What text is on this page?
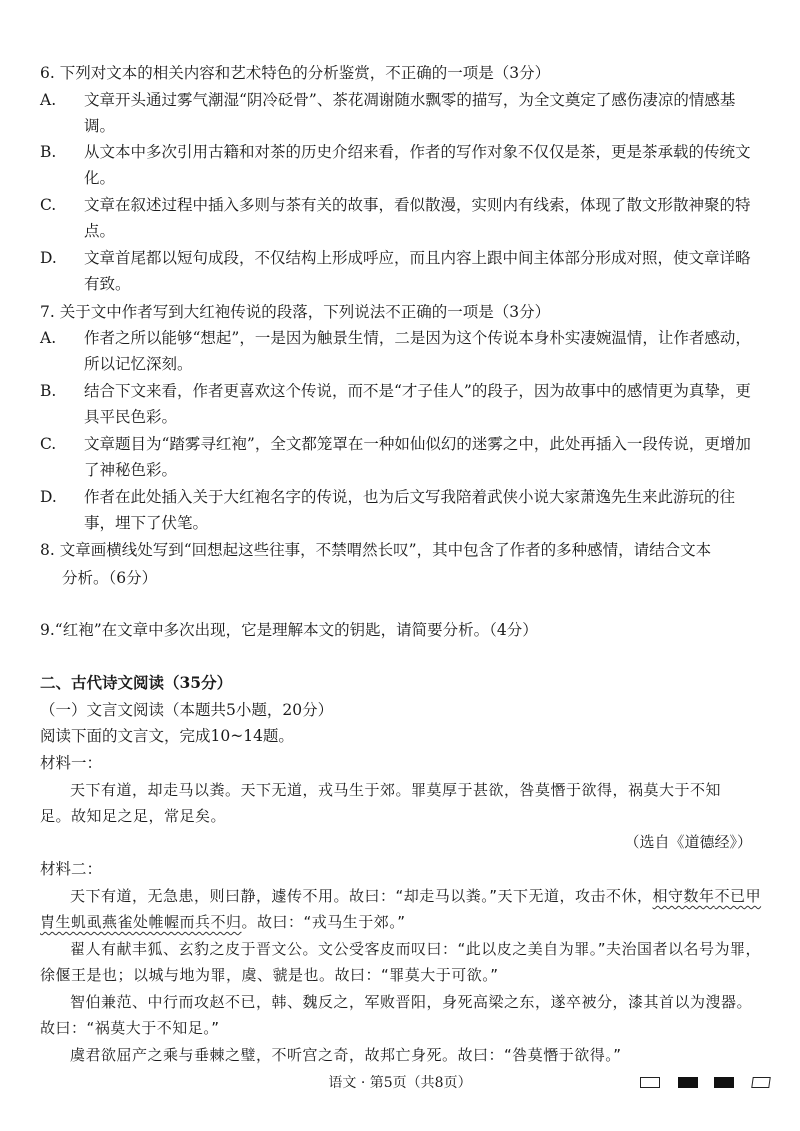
6. 下列对文本的相关内容和艺术特色的分析鉴赏，不正确的一项是（3分）

A. 文章开头通过雾气潮湿“阴冷砭骨”、茶花凋谢随水飘零的描写，为全文奠定了感伤凄凉的情感基调。
B. 从文本中多次引用古籍和对茶的历史介绍来看，作者的写作对象不仅仅是茶，更是茶承载的传统文化。
C. 文章在叙述过程中插入多则与茶有关的故事，看似散漫，实则内有线索，体现了散文形散神聚的特点。
D. 文章首尾都以短句成段，不仅结构上形成呼应，而且内容上跟中间主体部分形成对照，使文章详略有致。

7. 关于文中作者写到大红袍传说的段落，下列说法不正确的一项是（3分）

A. 作者之所以能够“想起”，一是因为触景生情，二是因为这个传说本身朴实凄婉温情，让作者感动，所以记忆深刻。
B. 结合下文来看，作者更喜欢这个传说，而不是“才子佳人”的段子，因为故事中的感情更为真挚，更具平民色彩。
C. 文章题目为“踏雾寻红袍”，全文都笼罩在一种如仙似幻的迷雾之中，此处再插入一段传说，更增加了神秘色彩。
D. 作者在此处插入关于大红袍名字的传说，也为后文写我陪着武侠小说大家萧逸先生来此游玩的往事，埋下了伏笔。

8. 文章画横线处写到“回想起这些往事，不禁喟然长叹”，其中包含了作者的多种感情，请结合文本

分析。（6分）

9.“红袍”在文章中多次出现，它是理解本文的钥匙，请简要分析。（4分）

二、古代诗文阅读（35分）

（一）文言文阅读（本题共5小题，20分）

阅读下面的文言文，完成10~14题。

材料一：

天下有道，却走马以粪。天下无道，戎马生于郊。罪莫厚于甚欲，咎莫憯于欲得，祸莫大于不知

足。故知足之足，常足矣。

（选自《道德经》）

材料二：

天下有道，无急患，则曰静，遽传不用。故曰：“却走马以粪。”天下无道，攻击不休，相守数年不已甲胄生虮虱燕雀处帷幄而兵不归。故曰：“戎马生于郊。”

翟人有献丰狐、玄豹之皮于晋文公。文公受客皮而叹曰：“此以皮之美自为罪。”夫治国者以名号为罪，徐偃王是也；以城与地为罪，虞、虢是也。故曰：“罪莫大于可欲。”

智伯兼范、中行而攻赵不已，韩、魏反之，军败晋阳，身死高梁之东，遂卒被分，漆其首以为溲器。故曰：“祸莫大于不知足。”

虞君欲屈产之乘与垂棘之璧，不听宫之奇，故邦亡身死。故曰：“咎莫憯于欲得。”

语文 · 第5页（共8页）
